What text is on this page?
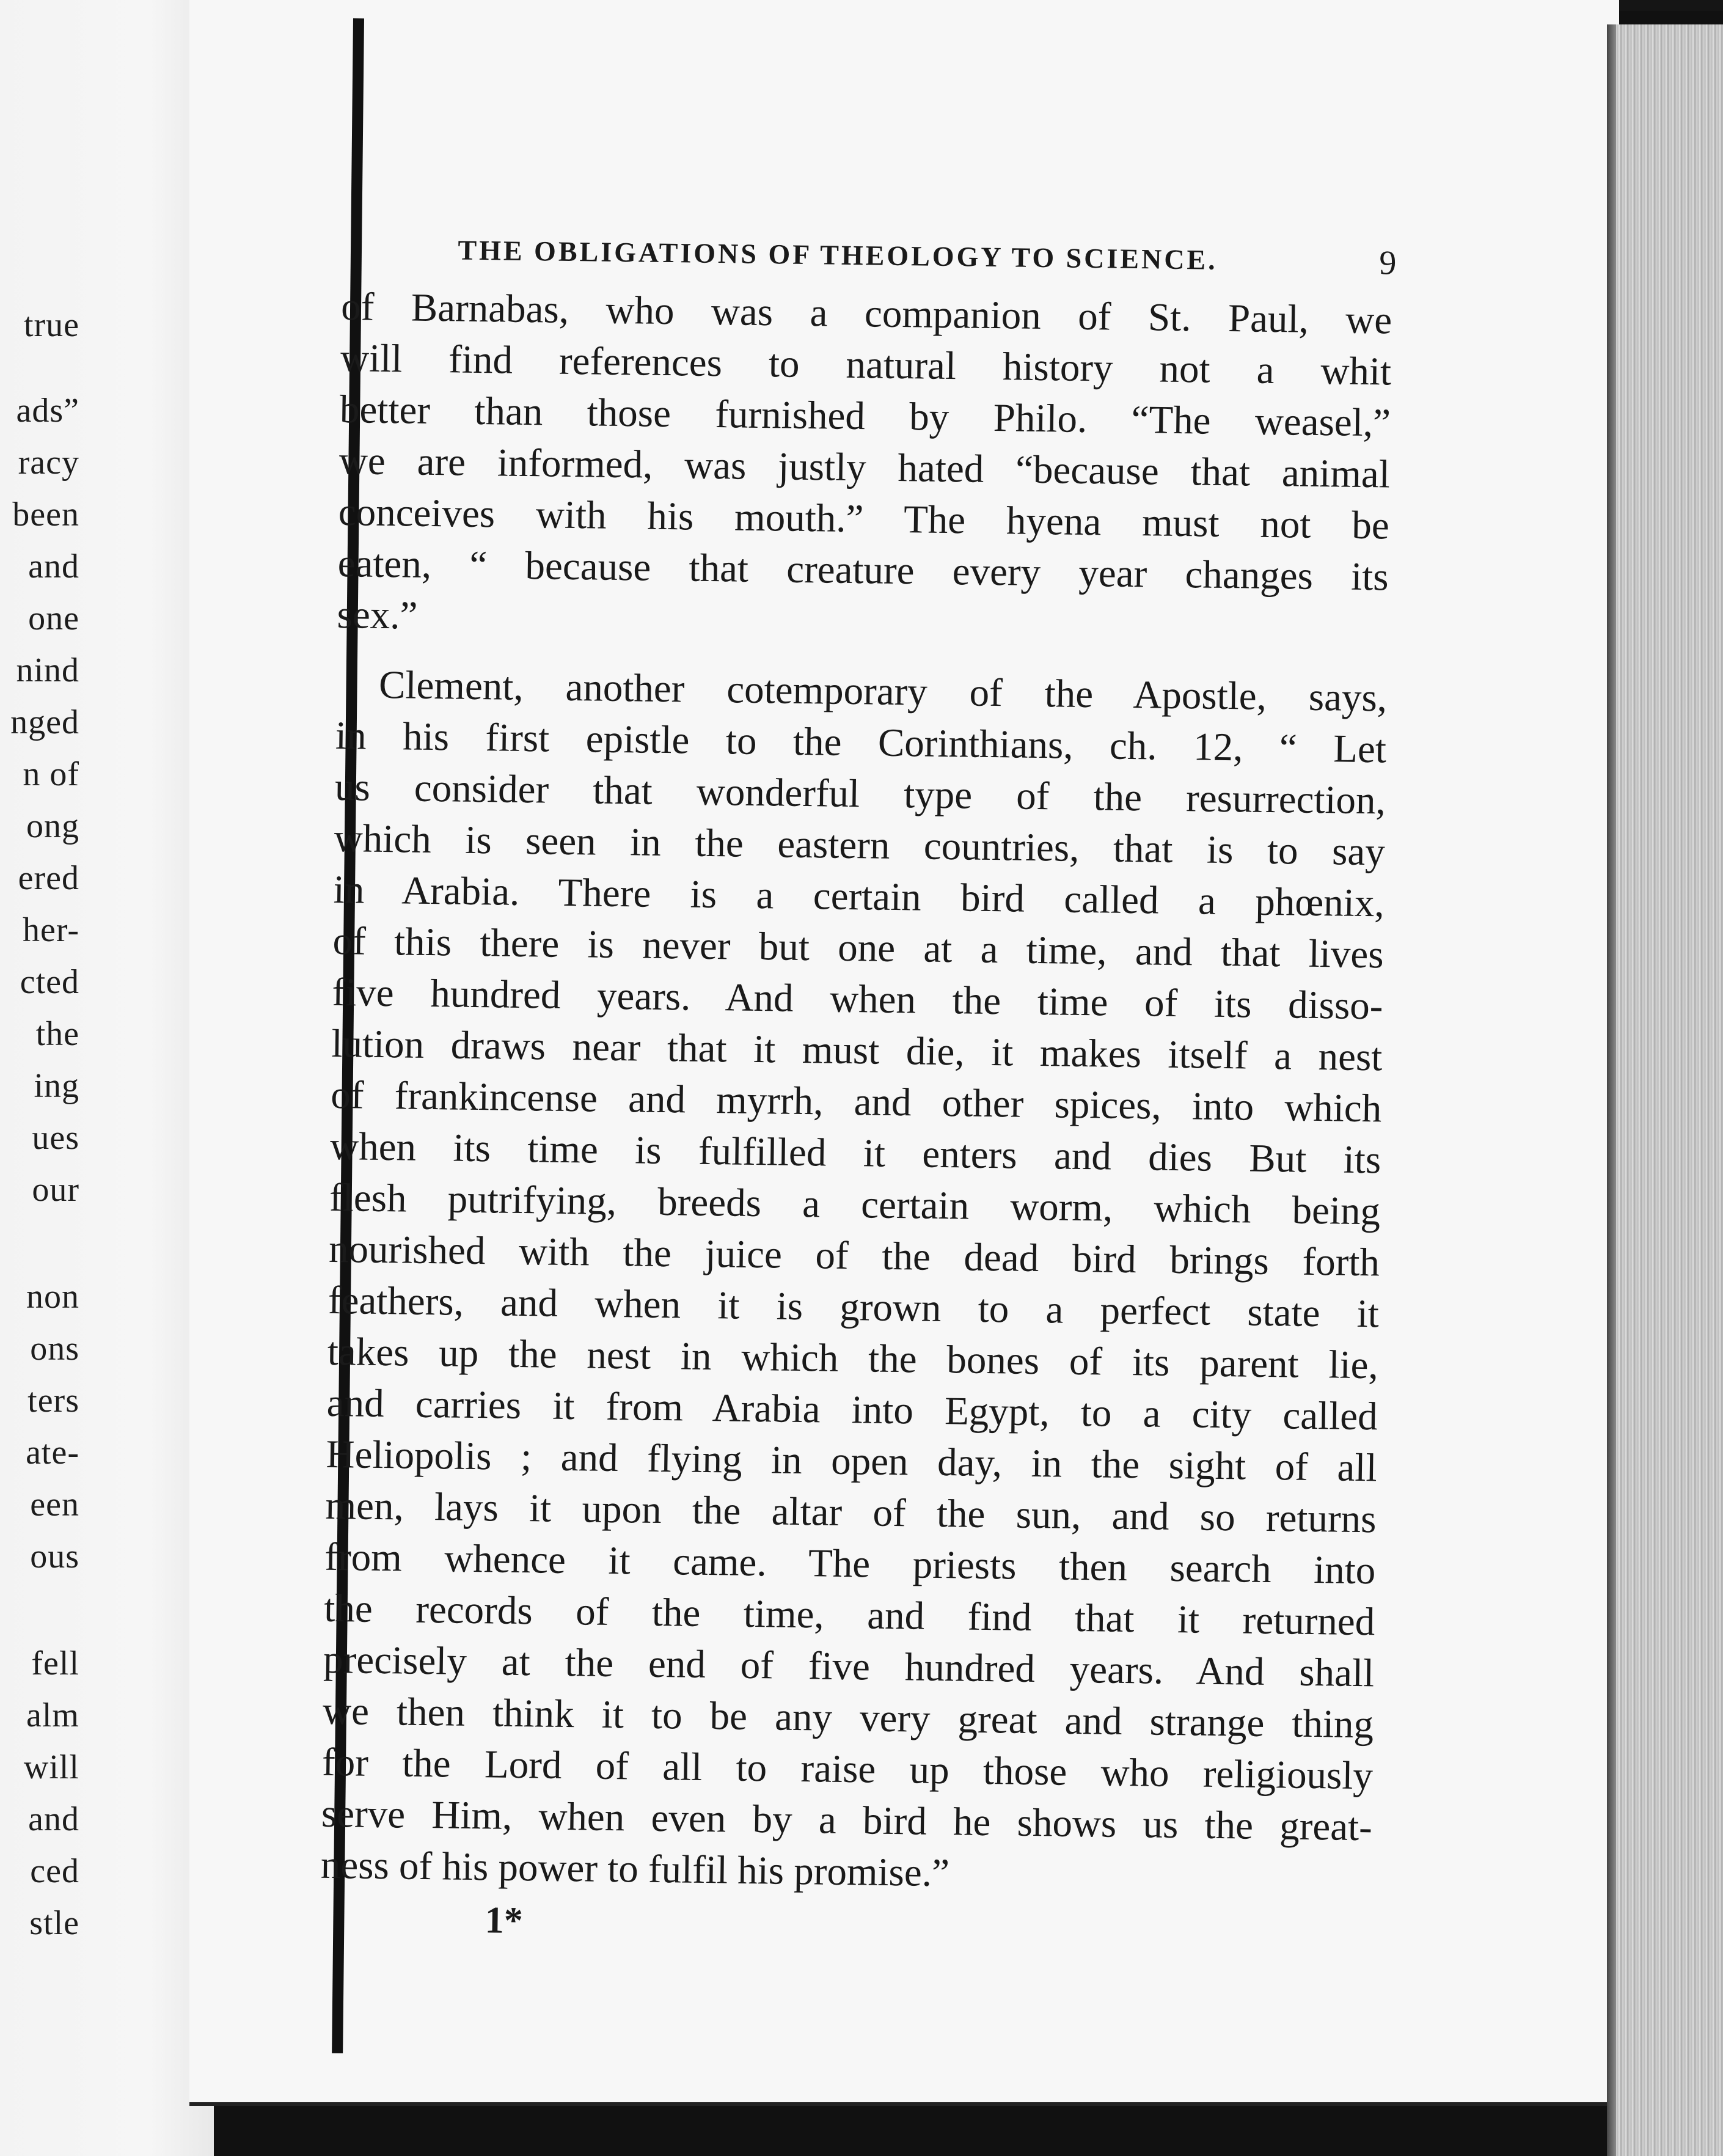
true
ads”
racy
been
and
one
nind
nged
n of
ong
ered
her-
cted
the
ing
ues
our
non
ons
ters
ate-
een
ous
fell
alm
will
and
ced
stle
THE OBLIGATIONS OF THEOLOGY TO SCIENCE.	9
of Barnabas, who was a companion of St. Paul, we
will find references to natural history not a whit
better than those furnished by Philo. “The weasel,”
we are informed, was justly hated “because that animal
conceives with his mouth.” The hyena must not be
eaten, “ because that creature every year changes its
sex.”
Clement, another cotemporary of the Apostle, says,
in his first epistle to the Corinthians, ch. 12, “ Let
us consider that wonderful type of the resurrection,
which is seen in the eastern countries, that is to say
in Arabia. There is a certain bird called a phœnix,
of this there is never but one at a time, and that lives
five hundred years. And when the time of its disso-
lution draws near that it must die, it makes itself a nest
of frankincense and myrrh, and other spices, into which
when its time is fulfilled it enters and dies But its
flesh putrifying, breeds a certain worm, which being
nourished with the juice of the dead bird brings forth
feathers, and when it is grown to a perfect state it
takes up the nest in which the bones of its parent lie,
and carries it from Arabia into Egypt, to a city called
Heliopolis ; and flying in open day, in the sight of all
men, lays it upon the altar of the sun, and so returns
from whence it came. The priests then search into
the records of the time, and find that it returned
precisely at the end of five hundred years. And shall
we then think it to be any very great and strange thing
for the Lord of all to raise up those who religiously
serve Him, when even by a bird he shows us the great-
ness of his power to fulfil his promise.”
1*
